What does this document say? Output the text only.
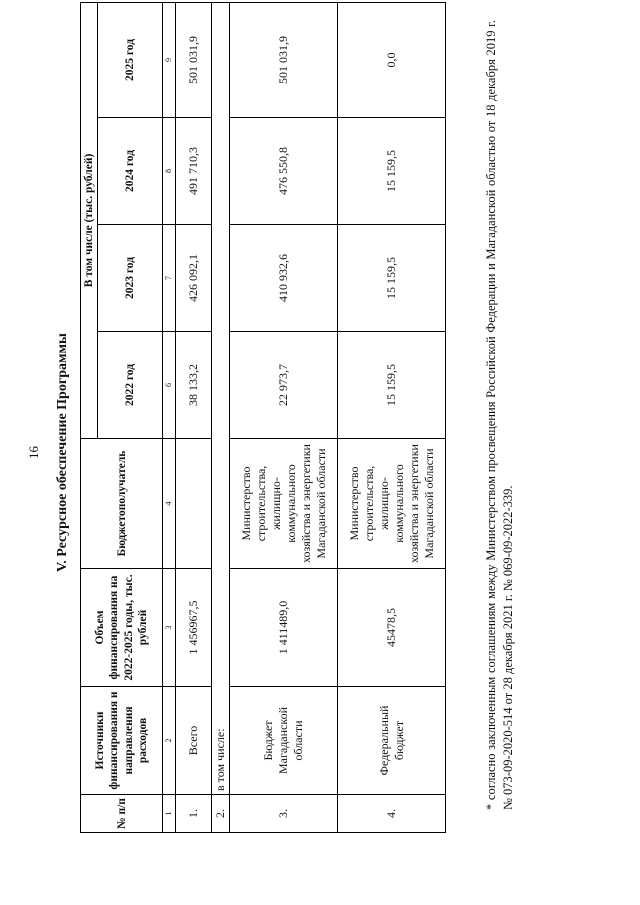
16 V. Ресурсное обеспечение Программы
№ п/п	Источники финансирования и направления расходов	Объем финансирования на 2022-2025 годы, тыс. рублей	Бюджетополучатель	В том числе (тыс. рублей)			
				2022 год	2023 год	2024 год	2025 год
1	2	3	4	6	7	8	9
1.	Всего	1 456967,5		38 133,2	426 092,1	491 710,3	501 031,9
2.	в том числе:						
3.	Бюджет Магаданской области	1 411489,0	Министерство строительства, жилищно-коммунального хозяйства и энергетики Магаданской области	22 973,7	410 932,6	476 550,8	501 031,9
4.	Федеральный бюджет	45478,5	Министерство строительства, жилищно-коммунального хозяйства и энергетики Магаданской области	15 159,5	15 159,5	15 159,5	0,0	* согласно заключенным соглашениям между Министерством просвещения Российской Федерации и Магаданской областью от 18 декабря 2019 г. № 073-09-2020-514 от 28 декабря 2021 г. № 069-09-2022-339.
